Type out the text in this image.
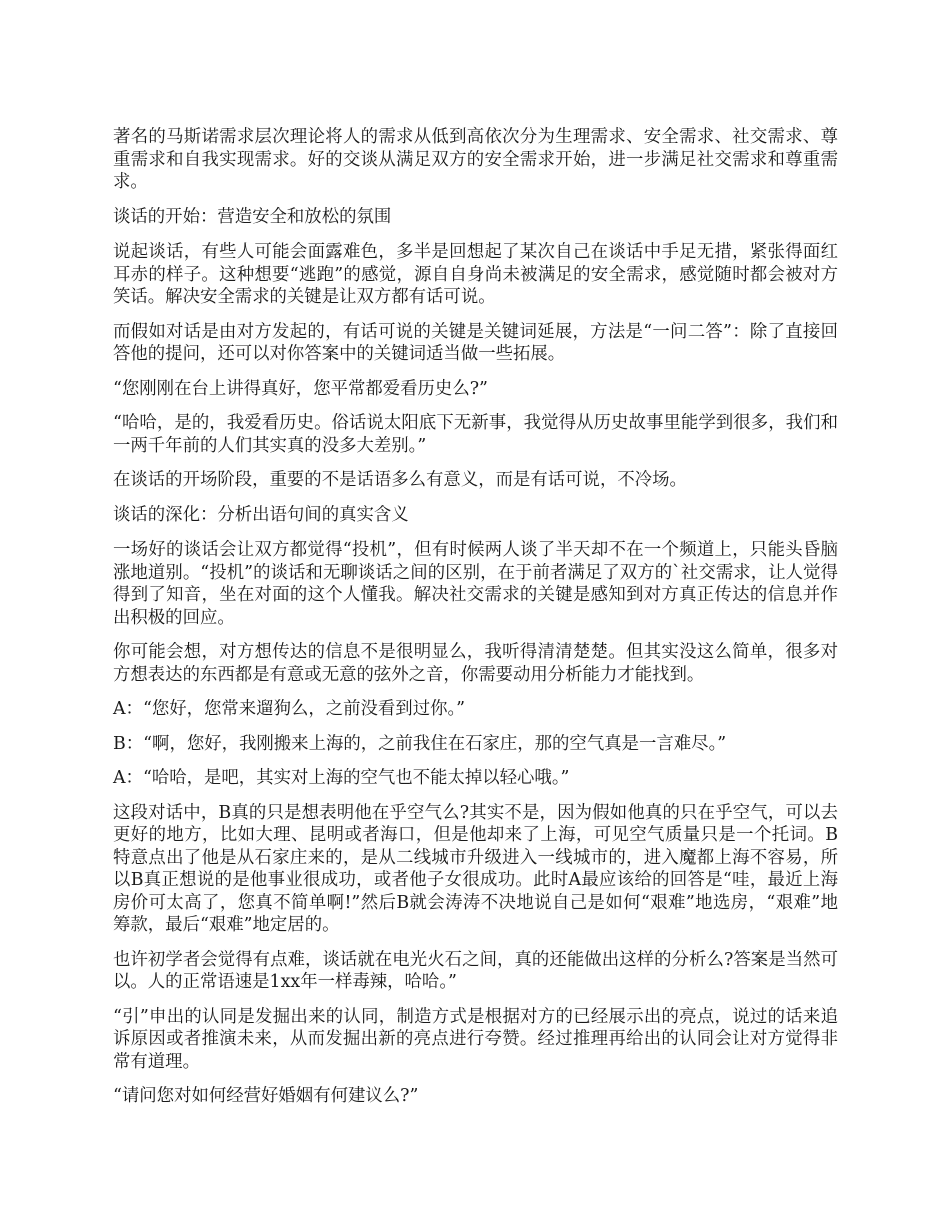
著名的马斯诺需求层次理论将人的需求从低到高依次分为生理需求、安全需求、社交需求、尊重需求和自我实现需求。好的交谈从满足双方的安全需求开始，进一步满足社交需求和尊重需求。

谈话的开始：营造安全和放松的氛围

说起谈话，有些人可能会面露难色，多半是回想起了某次自己在谈话中手足无措，紧张得面红耳赤的样子。这种想要“逃跑”的感觉，源自自身尚未被满足的安全需求，感觉随时都会被对方笑话。解决安全需求的关键是让双方都有话可说。

而假如对话是由对方发起的，有话可说的关键是关键词延展，方法是“一问二答”：除了直接回答他的提问，还可以对你答案中的关键词适当做一些拓展。

“您刚刚在台上讲得真好，您平常都爱看历史么?”

“哈哈，是的，我爱看历史。俗话说太阳底下无新事，我觉得从历史故事里能学到很多，我们和一两千年前的人们其实真的没多大差别。”

在谈话的开场阶段，重要的不是话语多么有意义，而是有话可说，不冷场。

谈话的深化：分析出语句间的真实含义

一场好的谈话会让双方都觉得“投机”，但有时候两人谈了半天却不在一个频道上，只能头昏脑涨地道别。“投机”的谈话和无聊谈话之间的区别，在于前者满足了双方的`社交需求，让人觉得得到了知音，坐在对面的这个人懂我。解决社交需求的关键是感知到对方真正传达的信息并作出积极的回应。

你可能会想，对方想传达的信息不是很明显么，我听得清清楚楚。但其实没这么简单，很多对方想表达的东西都是有意或无意的弦外之音，你需要动用分析能力才能找到。

A：“您好，您常来遛狗么，之前没看到过你。”

B：“啊，您好，我刚搬来上海的，之前我住在石家庄，那的空气真是一言难尽。”

A：“哈哈，是吧，其实对上海的空气也不能太掉以轻心哦。”

这段对话中，B真的只是想表明他在乎空气么?其实不是，因为假如他真的只在乎空气，可以去更好的地方，比如大理、昆明或者海口，但是他却来了上海，可见空气质量只是一个托词。B特意点出了他是从石家庄来的，是从二线城市升级进入一线城市的，进入魔都上海不容易，所以B真正想说的是他事业很成功，或者他子女很成功。此时A最应该给的回答是“哇，最近上海房价可太高了，您真不简单啊!”然后B就会涛涛不决地说自己是如何“艰难”地选房，“艰难”地筹款，最后“艰难”地定居的。

也许初学者会觉得有点难，谈话就在电光火石之间，真的还能做出这样的分析么?答案是当然可以。人的正常语速是1xx年一样毒辣，哈哈。”

“引”申出的认同是发掘出来的认同，制造方式是根据对方的已经展示出的亮点，说过的话来追诉原因或者推演未来，从而发掘出新的亮点进行夸赞。经过推理再给出的认同会让对方觉得非常有道理。

“请问您对如何经营好婚姻有何建议么?”
